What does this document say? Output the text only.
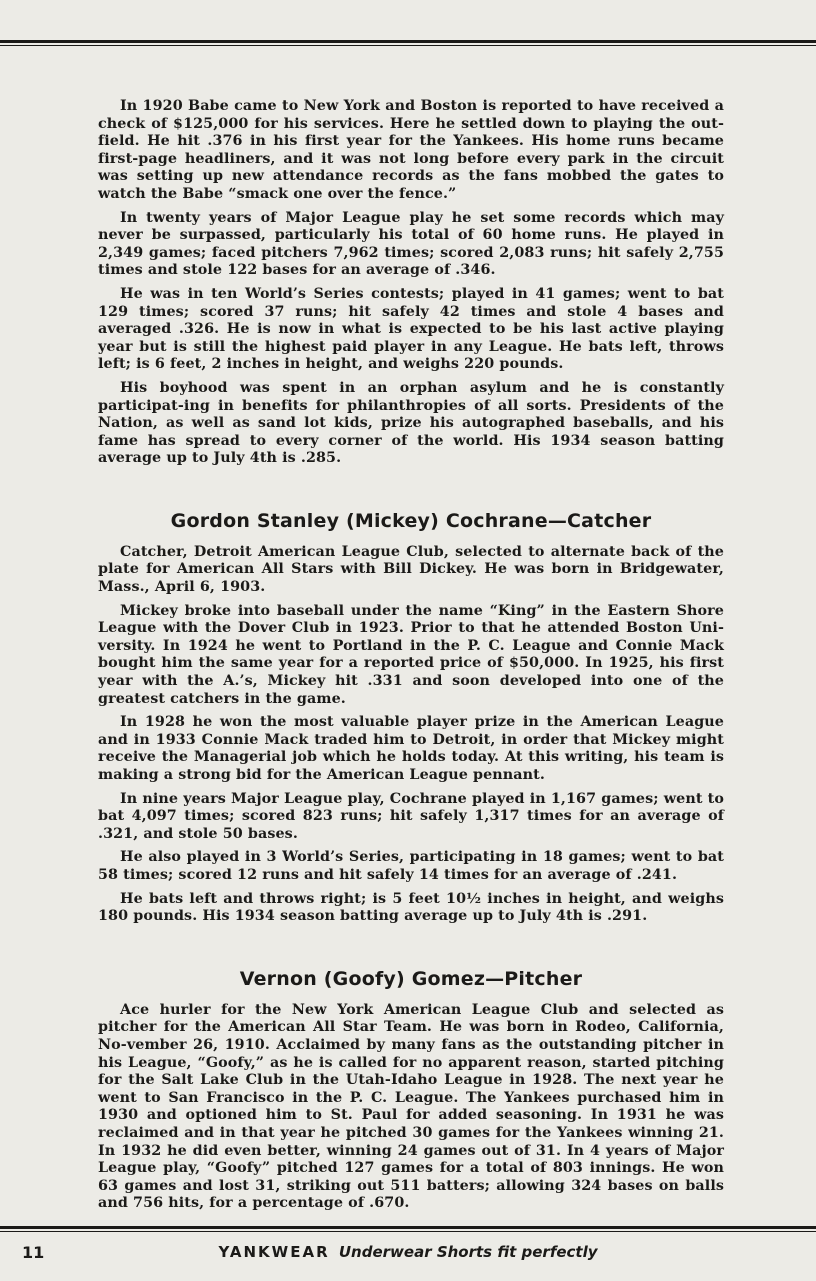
In 1920 Babe came to New York and Boston is reported to have received a check of $125,000 for his services. Here he settled down to playing the out-field. He hit .376 in his first year for the Yankees. His home runs became first-page headliners, and it was not long before every park in the circuit was setting up new attendance records as the fans mobbed the gates to watch the Babe “smack one over the fence.”

In twenty years of Major League play he set some records which may never be surpassed, particularly his total of 60 home runs. He played in 2,349 games; faced pitchers 7,962 times; scored 2,083 runs; hit safely 2,755 times and stole 122 bases for an average of .346.

He was in ten World’s Series contests; played in 41 games; went to bat 129 times; scored 37 runs; hit safely 42 times and stole 4 bases and averaged .326. He is now in what is expected to be his last active playing year but is still the highest paid player in any League. He bats left, throws left; is 6 feet, 2 inches in height, and weighs 220 pounds.

His boyhood was spent in an orphan asylum and he is constantly participat-ing in benefits for philanthropies of all sorts. Presidents of the Nation, as well as sand lot kids, prize his autographed baseballs, and his fame has spread to every corner of the world. His 1934 season batting average up to July 4th is .285.

Gordon Stanley (Mickey) Cochrane—Catcher

Catcher, Detroit American League Club, selected to alternate back of the plate for American All Stars with Bill Dickey. He was born in Bridgewater, Mass., April 6, 1903.

Mickey broke into baseball under the name “King” in the Eastern Shore League with the Dover Club in 1923. Prior to that he attended Boston Uni-versity. In 1924 he went to Portland in the P. C. League and Connie Mack bought him the same year for a reported price of $50,000. In 1925, his first year with the A.’s, Mickey hit .331 and soon developed into one of the greatest catchers in the game.

In 1928 he won the most valuable player prize in the American League and in 1933 Connie Mack traded him to Detroit, in order that Mickey might receive the Managerial job which he holds today. At this writing, his team is making a strong bid for the American League pennant.

In nine years Major League play, Cochrane played in 1,167 games; went to bat 4,097 times; scored 823 runs; hit safely 1,317 times for an average of .321, and stole 50 bases.

He also played in 3 World’s Series, participating in 18 games; went to bat 58 times; scored 12 runs and hit safely 14 times for an average of .241.

He bats left and throws right; is 5 feet 10½ inches in height, and weighs 180 pounds. His 1934 season batting average up to July 4th is .291.

Vernon (Goofy) Gomez—Pitcher

Ace hurler for the New York American League Club and selected as pitcher for the American All Star Team. He was born in Rodeo, California, No-vember 26, 1910. Acclaimed by many fans as the outstanding pitcher in his League, “Goofy,” as he is called for no apparent reason, started pitching for the Salt Lake Club in the Utah-Idaho League in 1928. The next year he went to San Francisco in the P. C. League. The Yankees purchased him in 1930 and optioned him to St. Paul for added seasoning. In 1931 he was reclaimed and in that year he pitched 30 games for the Yankees winning 21. In 1932 he did even better, winning 24 games out of 31. In 4 years of Major League play, “Goofy” pitched 127 games for a total of 803 innings. He won 63 games and lost 31, striking out 511 batters; allowing 324 bases on balls and 756 hits, for a percentage of .670.

11	YANKWEAR Underwear Shorts fit perfectly
